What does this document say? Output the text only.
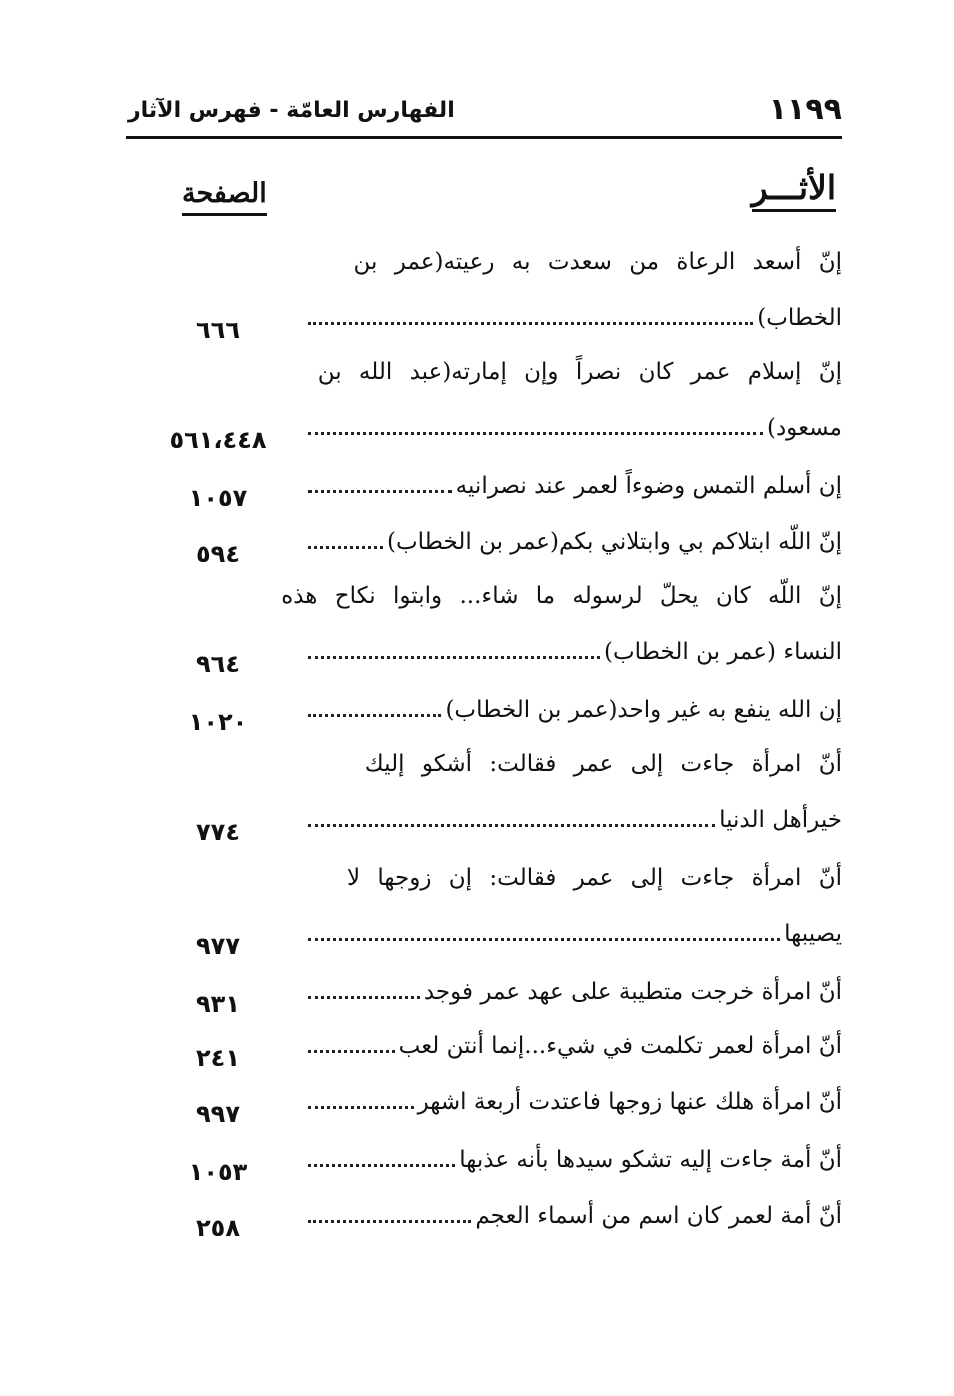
١١٩٩
الفهارس العامّة - فهرس الآثار
الأثـــر
الصفحة
إنّ أسعد الرعاة من سعدت به رعيته(عمر بن
الخطاب)
٦٦٦
إنّ إسلام عمر كان نصراً وإن إمارته(عبد الله بن
مسعود)
٥٦١،٤٤٨
إن أسلم التمس وضوءاً لعمر عند نصرانيه
١٠٥٧
إنّ اللّه ابتلاكم بي وابتلاني بكم(عمر بن الخطاب)
٥٩٤
إنّ اللّه كان يحلّ لرسوله ما شاء... وابتوا نكاح هذه
النساء (عمر بن الخطاب)
٩٦٤
إن الله ينفع به غير واحد(عمر بن الخطاب)
١٠٢٠
أنّ امرأة جاءت إلى عمر فقالت: أشكو إليك
خيرأهل الدنيا
٧٧٤
أنّ امرأة جاءت إلى عمر فقالت: إن زوجها لا
يصيبها
٩٧٧
أنّ امرأة خرجت متطيبة على عهد عمر فوجد
٩٣١
أنّ امرأة لعمر تكلمت في شيء...إنما أنتن لعب
٢٤١
أنّ امرأة هلك عنها زوجها فاعتدت أربعة اشهر
٩٩٧
أنّ أمة جاءت إليه تشكو سيدها بأنه عذبها
١٠٥٣
أنّ أمة لعمر كان اسم من أسماء العجم
٢٥٨
